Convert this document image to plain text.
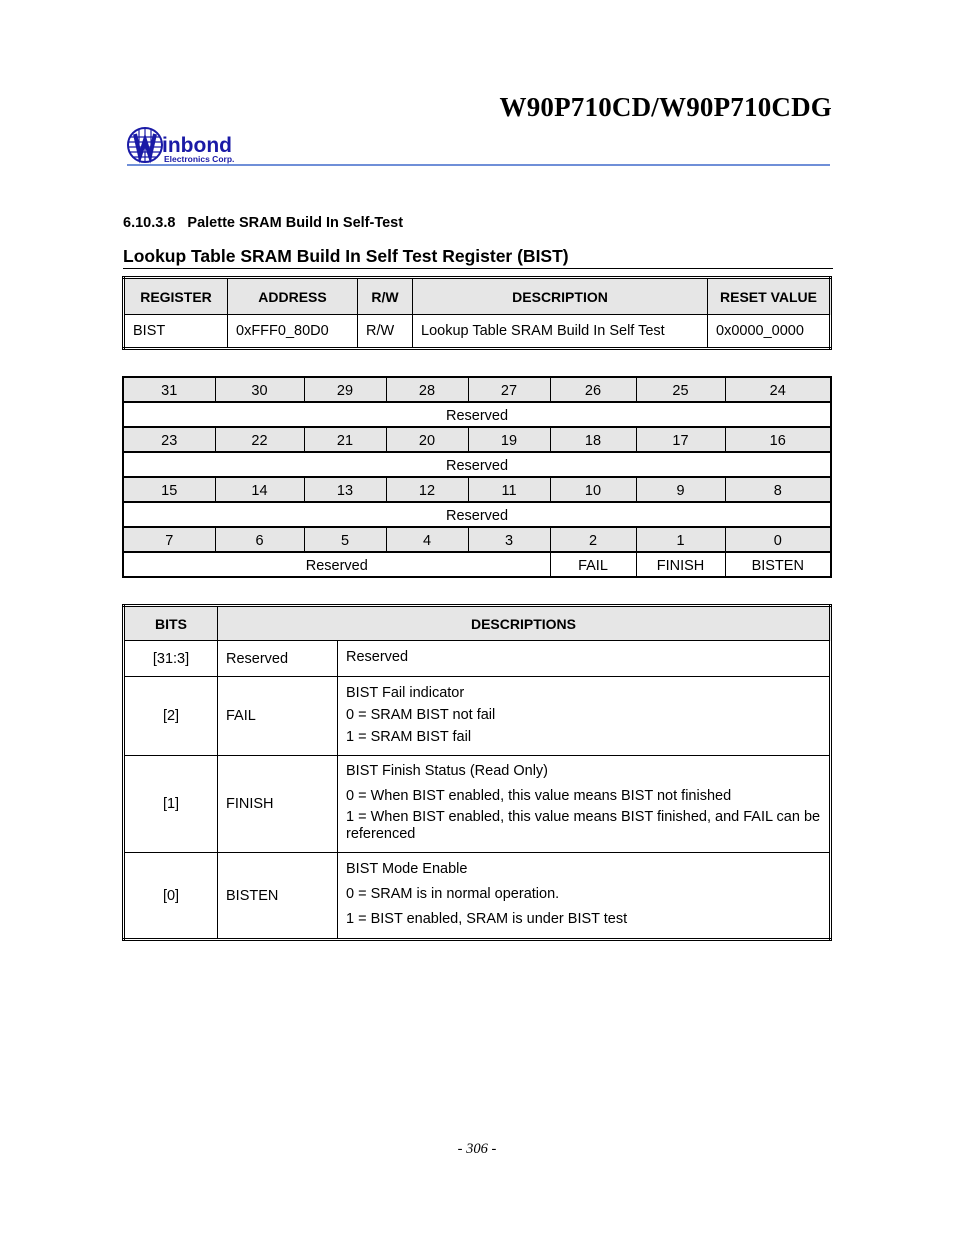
W90P710CD/W90P710CDG
inbond
Electronics Corp.
6.10.3.8 Palette SRAM Build In Self-Test
Lookup Table SRAM Build In Self Test Register (BIST)
REGISTER	ADDRESS	R/W	DESCRIPTION	RESET VALUE
BIST	0xFFF0_80D0	R/W	Lookup Table SRAM Build In Self Test	0x0000_0000
31	30	29	28	27	26	25	24
Reserved							
23	22	21	20	19	18	17	16
Reserved							
15	14	13	12	11	10	9	8
Reserved							
7	6	5	4	3	2	1	0
Reserved					FAIL	FINISH	BISTEN
BITS	DESCRIPTIONS	
[31:3]	Reserved	Reserved

[2]	FAIL	BIST Fail indicator
0 = SRAM BIST not fail
1 = SRAM BIST fail

[1]	FINISH	BIST Finish Status (Read Only)
0 = When BIST enabled, this value means BIST not finished
1 = When BIST enabled, this value means BIST finished, and FAIL can be referenced

[0]	BISTEN	BIST Mode Enable
0 = SRAM is in normal operation.
1 = BIST enabled, SRAM is under BIST test
- 306 -
